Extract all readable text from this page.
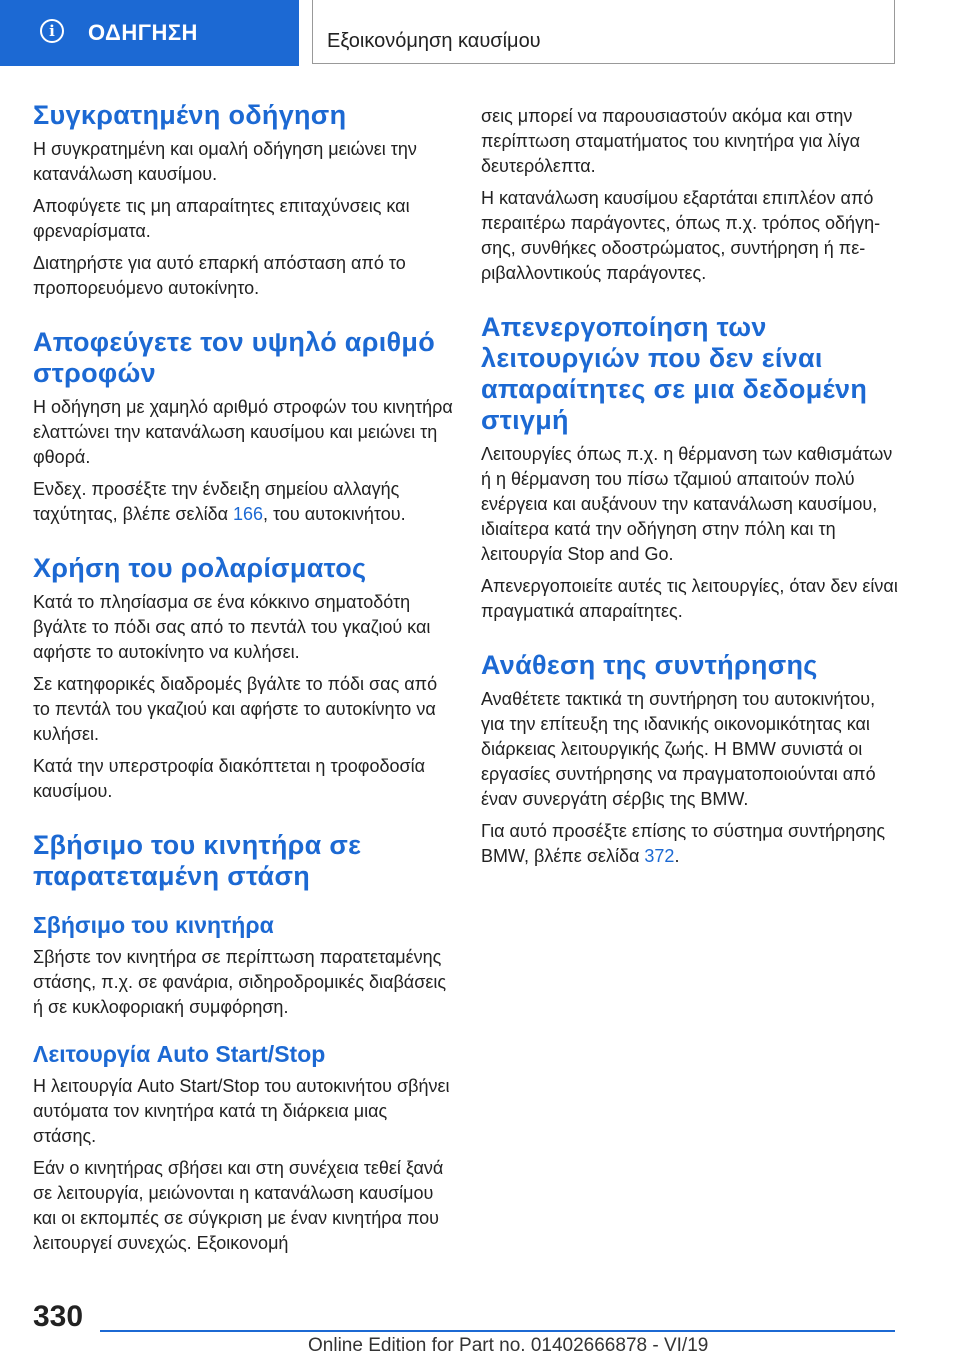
i	ΟΔΗΓΗΣΗ	Εξοικονόμηση καυσίμου
Συγκρατημένη οδήγηση

Η συγκρατημένη και ομαλή οδήγηση μειώνει την κατανάλωση καυσίμου.

Αποφύγετε τις μη απαραίτητες επιταχύνσεις και φρεναρίσματα.

Διατηρήστε για αυτό επαρκή απόσταση από το προπορευόμενο αυτοκίνητο.

Αποφεύγετε τον υψηλό αριθμό στροφών

Η οδήγηση με χαμηλό αριθμό στροφών του κινητήρα ελαττώνει την κατανάλωση καυσίμου και μειώνει τη φθορά.

Ενδεχ. προσέξτε την ένδειξη σημείου αλλαγής ταχύτητας, βλέπε σελίδα 166, του αυτοκινήτου.

Χρήση του ρολαρίσματος

Κατά το πλησίασμα σε ένα κόκκινο σηματοδότη βγάλτε το πόδι σας από το πεντάλ του γκαζιού και αφήστε το αυτοκίνητο να κυλήσει.

Σε κατηφορικές διαδρομές βγάλτε το πόδι σας από το πεντάλ του γκαζιού και αφήστε το αυτοκίνητο να κυλήσει.

Κατά την υπερστροφία διακόπτεται η τροφοδοσία καυσίμου.

Σβήσιμο του κινητήρα σε παρατεταμένη στάση
Σβήσιμο του κινητήρα

Σβήστε τον κινητήρα σε περίπτωση παρατεταμένης στάσης, π.χ. σε φανάρια, σιδηροδρομικές διαβάσεις ή σε κυκλοφοριακή συμφόρηση.

Λειτουργία Auto Start/Stop

Η λειτουργία Auto Start/Stop του αυτοκινήτου σβήνει αυτόματα τον κινητήρα κατά τη διάρκεια μιας στάσης.

Εάν ο κινητήρας σβήσει και στη συνέχεια τεθεί ξανά σε λειτουργία, μειώνονται η κατανάλωση καυσίμου και οι εκπομπές σε σύγκριση με έναν κινητήρα που λειτουργεί συνεχώς. Εξοικονομή

σεις μπορεί να παρουσιαστούν ακόμα και στην περίπτωση σταματήματος του κινητήρα για λίγα δευτερόλεπτα.

Η κατανάλωση καυσίμου εξαρτάται επιπλέον από περαιτέρω παράγοντες, όπως π.χ. τρόπος οδήγησης, συνθήκες οδοστρώματος, συντήρηση ή περιβαλλοντικούς παράγοντες.

Απενεργοποίηση των λειτουργιών που δεν είναι απαραίτητες σε μια δεδομένη στιγμή

Λειτουργίες όπως π.χ. η θέρμανση των καθισμάτων ή η θέρμανση του πίσω τζαμιού απαιτούν πολύ ενέργεια και αυξάνουν την κατανάλωση καυσίμου, ιδιαίτερα κατά την οδήγηση στην πόλη και τη λειτουργία Stop and Go.

Απενεργοποιείτε αυτές τις λειτουργίες, όταν δεν είναι πραγματικά απαραίτητες.

Ανάθεση της συντήρησης

Αναθέτετε τακτικά τη συντήρηση του αυτοκινήτου, για την επίτευξη της ιδανικής οικονομικότητας και διάρκειας λειτουργικής ζωής. Η BMW συνιστά οι εργασίες συντήρησης να πραγματοποιούνται από έναν συνεργάτη σέρβις της BMW.

Για αυτό προσέξτε επίσης το σύστημα συντήρησης BMW, βλέπε σελίδα 372.

330
Online Edition for Part no. 01402666878 - VI/19
